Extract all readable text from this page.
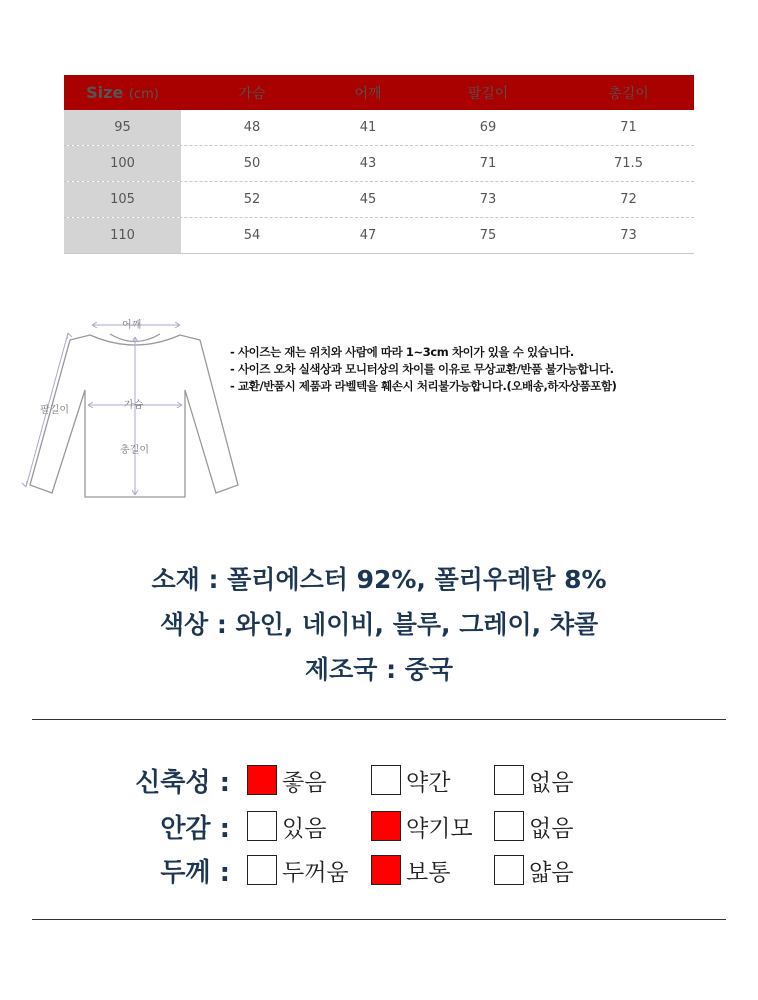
Size (cm)	가슴	어깨	팔길이	총길이
95	48	41	69	71
100	50	43	71	71.5
105	52	45	73	72
110	54	47	75	73
어깨
가슴
총길이
팔길이
- 사이즈는 재는 위치와 사람에 따라 1~3cm 차이가 있을 수 있습니다.
- 사이즈 오차 실색상과 모니터상의 차이를 이유로 무상교환/반품 불가능합니다.
- 교환/반품시 제품과 라벨텍을 훼손시 처리불가능합니다.(오배송,하자상품포함)
소재 : 폴리에스터 92%, 폴리우레탄 8%
색상 : 와인, 네이비, 블루, 그레이, 챠콜
제조국 : 중국
신축성 : 좋음	약간	없음
안감 : 있음	약기모 없음
두께 : 두꺼움 보통	얇음
